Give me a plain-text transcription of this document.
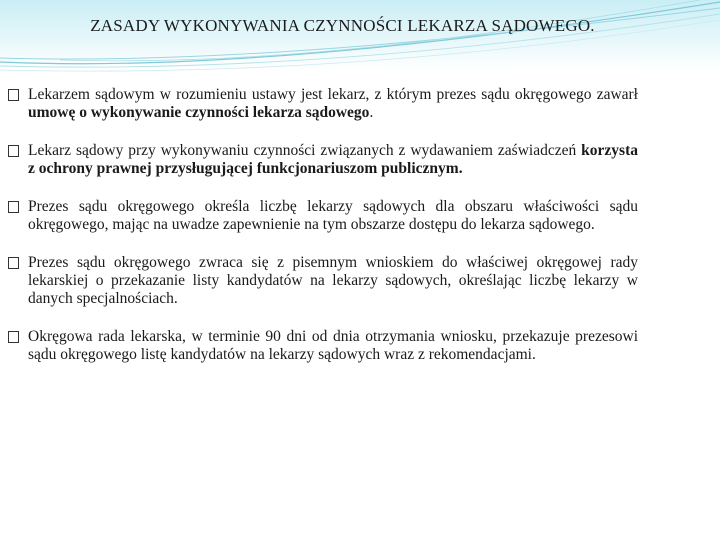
ZASADY WYKONYWANIA CZYNNOŚCI LEKARZA SĄDOWEGO.
Lekarzem sądowym w rozumieniu ustawy jest lekarz, z którym prezes sądu okręgowego zawarł umowę o wykonywanie czynności lekarza sądowego.
Lekarz sądowy przy wykonywaniu czynności związanych z wydawaniem zaświadczeń korzysta z ochrony prawnej przysługującej funkcjonariuszom publicznym.
Prezes sądu okręgowego określa liczbę lekarzy sądowych dla obszaru właściwości sądu okręgowego, mając na uwadze zapewnienie na tym obszarze dostępu do lekarza sądowego.
Prezes sądu okręgowego zwraca się z pisemnym wnioskiem do właściwej okręgowej rady lekarskiej o przekazanie listy kandydatów na lekarzy sądowych, określając liczbę lekarzy w danych specjalnościach.
Okręgowa rada lekarska, w terminie 90 dni od dnia otrzymania wniosku, przekazuje prezesowi sądu okręgowego listę kandydatów na lekarzy sądowych wraz z rekomendacjami.
